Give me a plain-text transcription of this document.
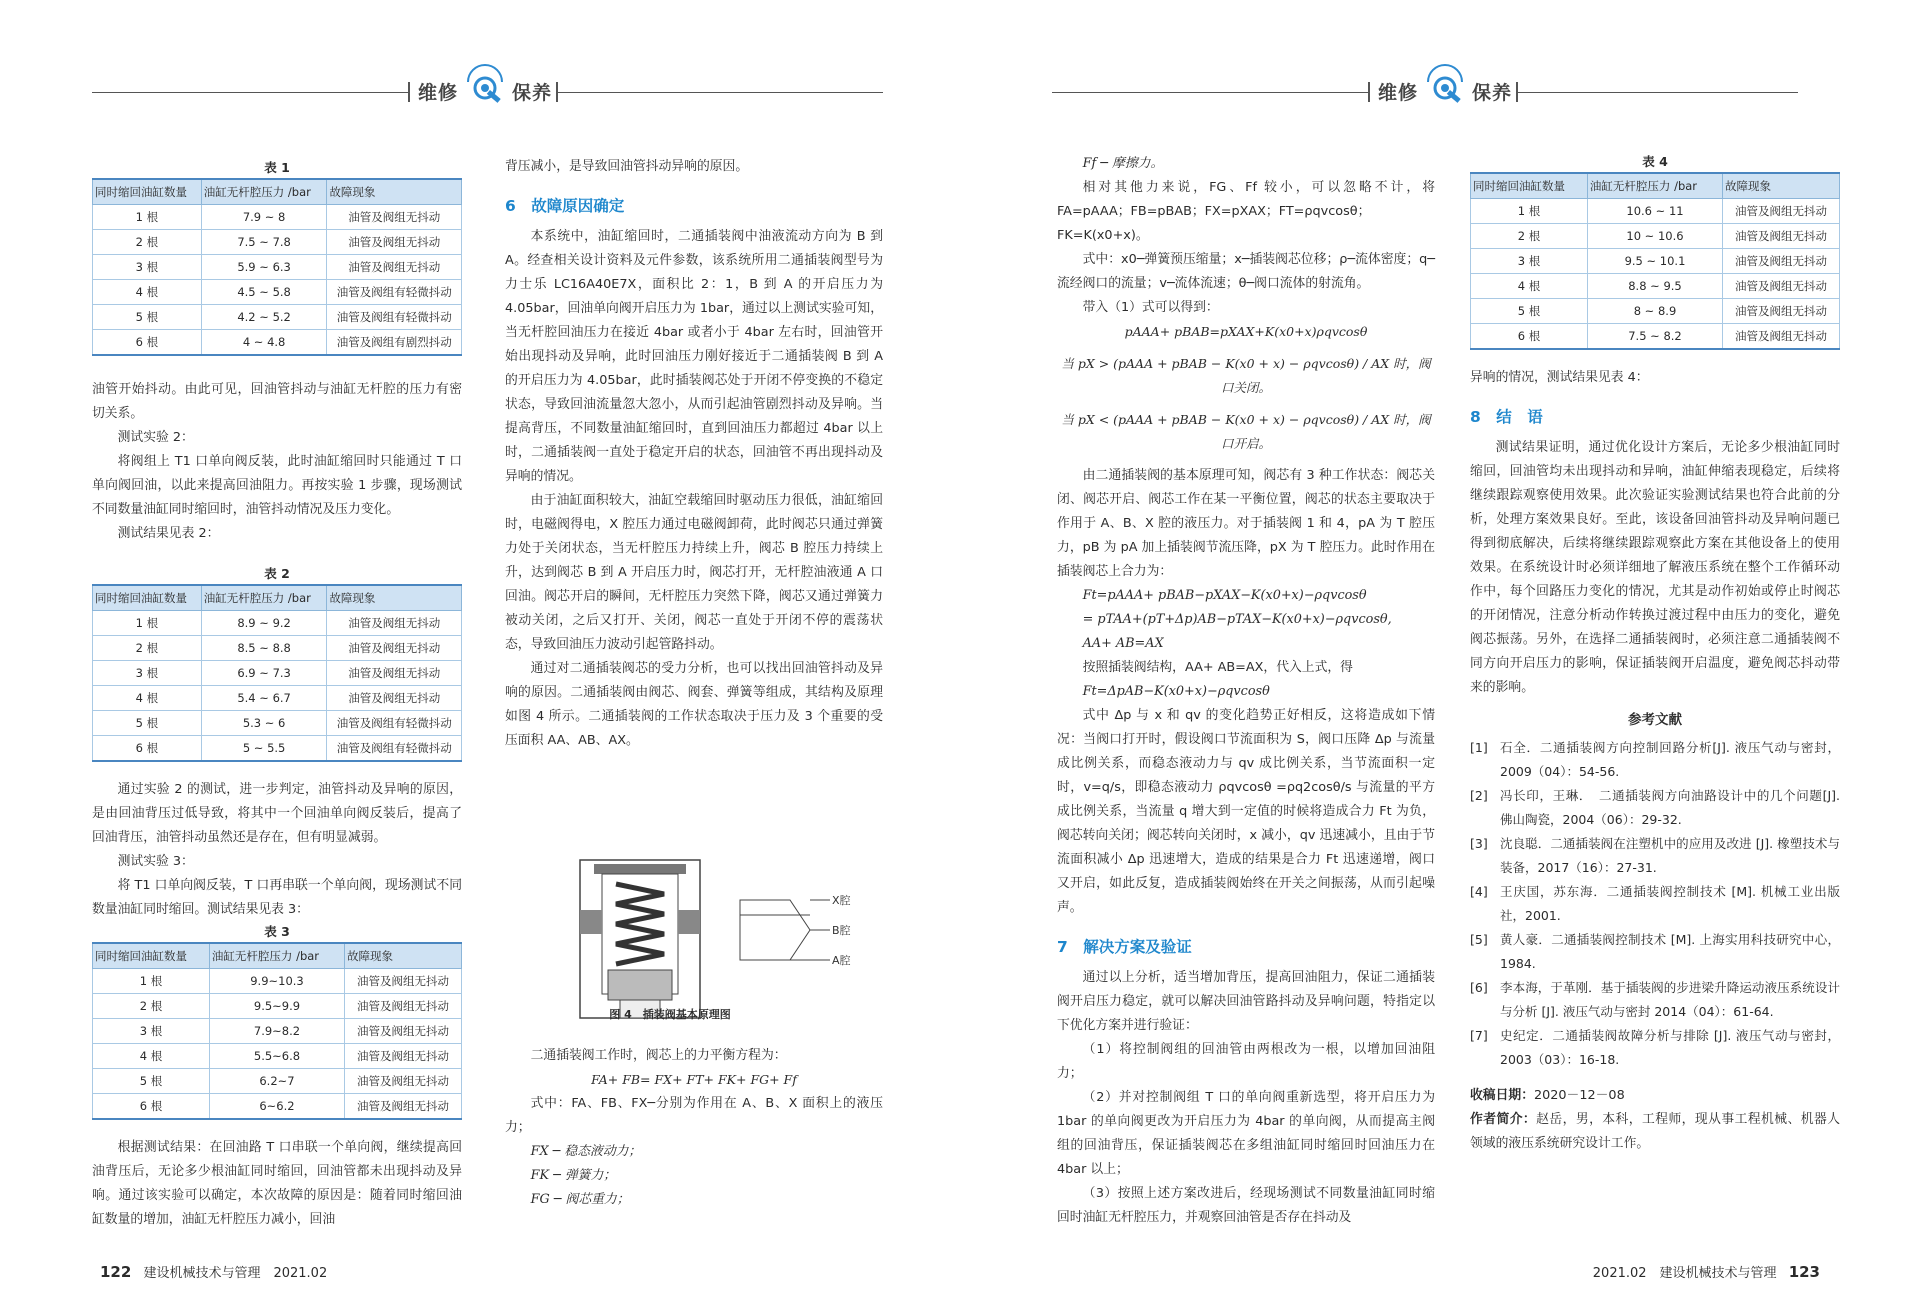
维修	保养
表 1
同时缩回油缸数量	油缸无杆腔压力 /bar	故障现象
1 根	7.9 ~ 8	油管及阀组无抖动
2 根	7.5 ~ 7.8	油管及阀组无抖动
3 根	5.9 ~ 6.3	油管及阀组无抖动
4 根	4.5 ~ 5.8	油管及阀组有轻微抖动
5 根	4.2 ~ 5.2	油管及阀组有轻微抖动
6 根	4 ~ 4.8	油管及阀组有剧烈抖动

油管开始抖动。由此可见，回油管抖动与油缸无杆腔的压力有密切关系。

测试实验 2：

将阀组上 T1 口单向阀反装，此时油缸缩回时只能通过 T 口单向阀回油，以此来提高回油阻力。再按实验 1 步骤，现场测试不同数量油缸同时缩回时，油管抖动情况及压力变化。

测试结果见表 2：

表 2
同时缩回油缸数量	油缸无杆腔压力 /bar	故障现象
1 根	8.9 ~ 9.2	油管及阀组无抖动
2 根	8.5 ~ 8.8	油管及阀组无抖动
3 根	6.9 ~ 7.3	油管及阀组无抖动
4 根	5.4 ~ 6.7	油管及阀组无抖动
5 根	5.3 ~ 6	油管及阀组有轻微抖动
6 根	5 ~ 5.5	油管及阀组有轻微抖动

通过实验 2 的测试，进一步判定，油管抖动及异响的原因，是由回油背压过低导致，将其中一个回油单向阀反装后，提高了回油背压，油管抖动虽然还是存在，但有明显减弱。

测试实验 3：

将 T1 口单向阀反装，T 口再串联一个单向阀，现场测试不同数量油缸同时缩回。测试结果见表 3：

表 3
同时缩回油缸数量	油缸无杆腔压力 /bar	故障现象
1 根	9.9~10.3	油管及阀组无抖动
2 根	9.5~9.9	油管及阀组无抖动
3 根	7.9~8.2	油管及阀组无抖动
4 根	5.5~6.8	油管及阀组无抖动
5 根	6.2~7	油管及阀组无抖动
6 根	6~6.2	油管及阀组无抖动

根据测试结果：在回油路 T 口串联一个单向阀，继续提高回油背压后，无论多少根油缸同时缩回，回油管都未出现抖动及异响。通过该实验可以确定，本次故障的原因是：随着同时缩回油缸数量的增加，油缸无杆腔压力减小，回油

背压减小，是导致回油管抖动异响的原因。

6　故障原因确定

本系统中，油缸缩回时，二通插装阀中油液流动方向为 B 到 A。经查相关设计资料及元件参数，该系统所用二通插装阀型号为力士乐 LC16A40E7X，面积比 2：1，B 到 A 的开启压力为 4.05bar，回油单向阀开启压力为 1bar，通过以上测试实验可知，当无杆腔回油压力在接近 4bar 或者小于 4bar 左右时，回油管开始出现抖动及异响，此时回油压力刚好接近于二通插装阀 B 到 A 的开启压力为 4.05bar，此时插装阀芯处于开闭不停变换的不稳定状态，导致回油流量忽大忽小，从而引起油管剧烈抖动及异响。当提高背压，不同数量油缸缩回时，直到回油压力都超过 4bar 以上时，二通插装阀一直处于稳定开启的状态，回油管不再出现抖动及异响的情况。

由于油缸面积较大，油缸空载缩回时驱动压力很低，油缸缩回时，电磁阀得电，X 腔压力通过电磁阀卸荷，此时阀芯只通过弹簧力处于关闭状态，当无杆腔压力持续上升，阀芯 B 腔压力持续上升，达到阀芯 B 到 A 开启压力时，阀芯打开，无杆腔油液通 A 口回油。阀芯开启的瞬间，无杆腔压力突然下降，阀芯又通过弹簧力被动关闭，之后又打开、关闭，阀芯一直处于开闭不停的震荡状态，导致回油压力波动引起管路抖动。

通过对二通插装阀芯的受力分析，也可以找出回油管抖动及异响的原因。二通插装阀由阀芯、阀套、弹簧等组成，其结构及原理如图 4 所示。二通插装阀的工作状态取决于压力及 3 个重要的受压面积 AA、AB、AX。

X腔
B腔
A腔
图 4　插装阀基本原理图

二通插装阀工作时，阀芯上的力平衡方程为：

FA+ FB= FX+ FT+ FK+ FG+ Ff

式中：FA、FB、FX─分别为作用在 A、B、X 面积上的液压力；

FX ─ 稳态液动力；

FK ─ 弹簧力；

FG ─ 阀芯重力；

122 建设机械技术与管理　2021.02
维修	保养

Ff ─ 摩擦力。

相对其他力来说，FG、Ff 较小，可以忽略不计，将 FA=pAAA；FB=pBAB；FX=pXAX；FT=ρqvcosθ；FK=K(x0+x)。

式中：x0─弹簧预压缩量；x─插装阀芯位移；ρ─流体密度；q─流经阀口的流量；v─流体流速；θ─阀口流体的射流角。

带入（1）式可以得到：

pAAA+ pBAB=pXAX+K(x0+x)ρqvcosθ

当 pX > (pAAA + pBAB − K(x0 + x) − ρqvcosθ) / AX 时，阀口关闭。

当 pX < (pAAA + pBAB − K(x0 + x) − ρqvcosθ) / AX 时，阀口开启。

由二通插装阀的基本原理可知，阀芯有 3 种工作状态：阀芯关闭、阀芯开启、阀芯工作在某一平衡位置，阀芯的状态主要取决于作用于 A、B、X 腔的液压力。对于插装阀 1 和 4，pA 为 T 腔压力，pB 为 pA 加上插装阀节流压降，pX 为 T 腔压力。此时作用在插装阀芯上合力为：

Ft=pAAA+ pBAB−pXAX−K(x0+x)−ρqvcosθ

= pTAA+(pT+Δp)AB−pTAX−K(x0+x)−ρqvcosθ,

AA+ AB=AX

按照插装阀结构，AA+ AB=AX，代入上式，得

Ft=ΔpAB−K(x0+x)−ρqvcosθ

式中 Δp 与 x 和 qv 的变化趋势正好相反，这将造成如下情况：当阀口打开时，假设阀口节流面积为 S，阀口压降 Δp 与流量成比例关系，而稳态液动力与 qv 成比例关系，当节流面积一定时，v=q/s，即稳态液动力 ρqvcosθ =ρq2cosθ/s 与流量的平方成比例关系，当流量 q 增大到一定值的时候将造成合力 Ft 为负，阀芯转向关闭；阀芯转向关闭时，x 减小，qv 迅速减小，且由于节流面积减小 Δp 迅速增大，造成的结果是合力 Ft 迅速递增，阀口又开启，如此反复，造成插装阀始终在开关之间振荡，从而引起噪声。

7　解决方案及验证

通过以上分析，适当增加背压，提高回油阻力，保证二通插装阀开启压力稳定，就可以解决回油管路抖动及异响问题，特指定以下优化方案并进行验证：

（1）将控制阀组的回油管由两根改为一根，以增加回油阻力；

（2）并对控制阀组 T 口的单向阀重新选型，将开启压力为 1bar 的单向阀更改为开启压力为 4bar 的单向阀，从而提高主阀组的回油背压，保证插装阀芯在多组油缸同时缩回时回油压力在 4bar 以上；

（3）按照上述方案改进后，经现场测试不同数量油缸同时缩回时油缸无杆腔压力，并观察回油管是否存在抖动及

表 4
同时缩回油缸数量	油缸无杆腔压力 /bar	故障现象
1 根	10.6 ~ 11	油管及阀组无抖动
2 根	10 ~ 10.6	油管及阀组无抖动
3 根	9.5 ~ 10.1	油管及阀组无抖动
4 根	8.8 ~ 9.5	油管及阀组无抖动
5 根	8 ~ 8.9	油管及阀组无抖动
6 根	7.5 ~ 8.2	油管及阀组无抖动

异响的情况，测试结果见表 4：

8　结　语

测试结果证明，通过优化设计方案后，无论多少根油缸同时缩回，回油管均未出现抖动和异响，油缸伸缩表现稳定，后续将继续跟踪观察使用效果。此次验证实验测试结果也符合此前的分析，处理方案效果良好。至此，该设备回油管抖动及异响问题已得到彻底解决，后续将继续跟踪观察此方案在其他设备上的使用效果。在系统设计时必须详细地了解液压系统在整个工作循环动作中，每个回路压力变化的情况，尤其是动作初始或停止时阀芯的开闭情况，注意分析动作转换过渡过程中由压力的变化，避免阀芯振荡。另外，在选择二通插装阀时，必须注意二通插装阀不同方向开启压力的影响，保证插装阀开启温度，避免阀芯抖动带来的影响。

参考文献
[1] 石全．二通插装阀方向控制回路分析[J]. 液压气动与密封，2009（04）：54-56.
[2] 冯长印，王琳．　二通插装阀方向油路设计中的几个问题[J]. 佛山陶瓷，2004（06）：29-32.
[3] 沈良聪．二通插装阀在注塑机中的应用及改进 [J]. 橡塑技术与装备，2017（16）：27-31.
[4] 王庆国，苏东海．二通插装阀控制技术 [M]. 机械工业出版社，2001.
[5] 黄人豪．二通插装阀控制技术 [M]. 上海实用科技研究中心，1984.
[6] 李本海，于革刚．基于插装阀的步进梁升降运动液压系统设计与分析 [J]. 液压气动与密封 2014（04）：61-64.
[7] 史纪定．二通插装阀故障分析与排除 [J]. 液压气动与密封，2003（03）：16-18.

收稿日期：2020－12－08

作者简介：赵岳，男，本科，工程师，现从事工程机械、机器人领域的液压系统研究设计工作。

2021.02　建设机械技术与管理 123
